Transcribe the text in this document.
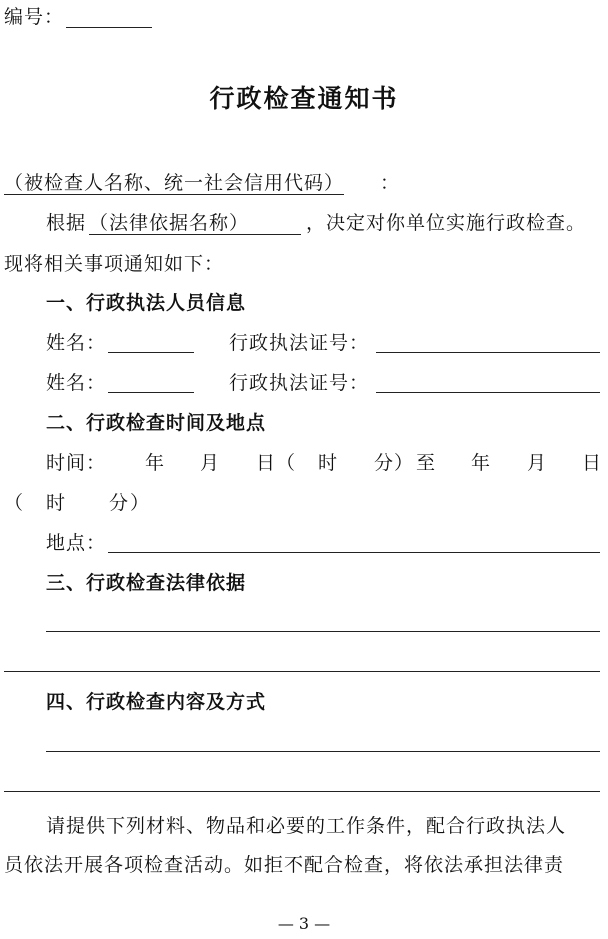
编号：
行政检查通知书
（被检查人名称、统一社会信用代码） ：
根据 （法律依据名称）	，决定对你单位实施行政检查。
现将相关事项通知如下：
一、行政执法人员信息
姓名：	行政执法证号：
姓名：	行政执法证号：
二、行政检查时间及地点
时间： 年 月 日 （ 时 分 ） 至 年 月 日
（ 时 分 ）
地点：
三、行政检查法律依据
四、行政检查内容及方式
请提供下列材料、物品和必要的工作条件，配合行政执法人
员依法开展各项检查活动。如拒不配合检查，将依法承担法律责
— 3 —
